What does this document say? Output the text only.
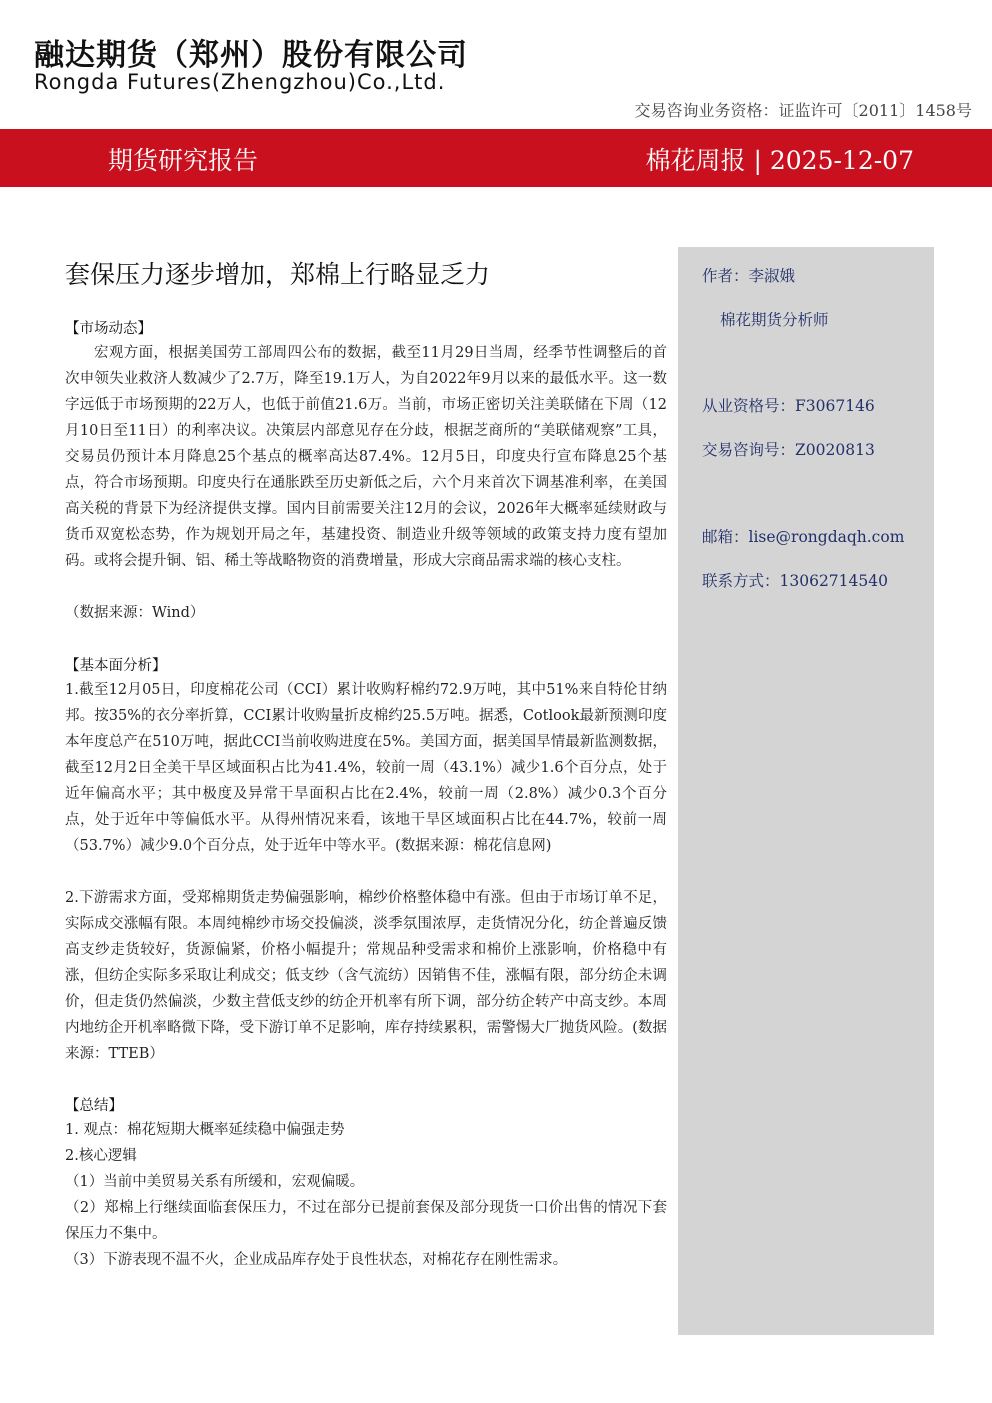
融达期货（郑州）股份有限公司
Rongda Futures(Zhengzhou)Co.,Ltd.
交易咨询业务资格：证监许可〔2011〕1458号
期货研究报告	棉花周报 | 2025-12-07
套保压力逐步增加，郑棉上行略显乏力	作者：李淑娥
棉花期货分析师
从业资格号：F3067146
交易咨询号：Z0020813
邮箱：lise@rongdaqh.com
联系方式：13062714540
【市场动态】
宏观方面，根据美国劳工部周四公布的数据，截至11月29日当周，经季节性调整后的首次申领失业救济人数减少了2.7万，降至19.1万人，为自2022年9月以来的最低水平。这一数字远低于市场预期的22万人，也低于前值21.6万。当前，市场正密切关注美联储在下周（12月10日至11日）的利率决议。决策层内部意见存在分歧，根据芝商所的“美联储观察”工具，交易员仍预计本月降息25个基点的概率高达87.4%。12月5日，印度央行宣布降息25个基点，符合市场预期。印度央行在通胀跌至历史新低之后，六个月来首次下调基准利率，在美国高关税的背景下为经济提供支撑。国内目前需要关注12月的会议，2026年大概率延续财政与货币双宽松态势，作为规划开局之年，基建投资、制造业升级等领域的政策支持力度有望加码。或将会提升铜、铝、稀土等战略物资的消费增量，形成大宗商品需求端的核心支柱。
（数据来源：Wind）
【基本面分析】
1.截至12月05日，印度棉花公司（CCI）累计收购籽棉约72.9万吨，其中51%来自特伦甘纳邦。按35%的衣分率折算，CCI累计收购量折皮棉约25.5万吨。据悉，Cotlook最新预测印度本年度总产在510万吨，据此CCI当前收购进度在5%。美国方面，据美国旱情最新监测数据，截至12月2日全美干旱区域面积占比为41.4%，较前一周（43.1%）减少1.6个百分点，处于近年偏高水平；其中极度及异常干旱面积占比在2.4%，较前一周（2.8%）减少0.3个百分点，处于近年中等偏低水平。从得州情况来看，该地干旱区域面积占比在44.7%，较前一周（53.7%）减少9.0个百分点，处于近年中等水平。(数据来源：棉花信息网)
2.下游需求方面，受郑棉期货走势偏强影响，棉纱价格整体稳中有涨。但由于市场订单不足，实际成交涨幅有限。本周纯棉纱市场交投偏淡，淡季氛围浓厚，走货情况分化，纺企普遍反馈高支纱走货较好，货源偏紧，价格小幅提升；常规品种受需求和棉价上涨影响，价格稳中有涨，但纺企实际多采取让利成交；低支纱（含气流纺）因销售不佳，涨幅有限，部分纺企未调价，但走货仍然偏淡，少数主营低支纱的纺企开机率有所下调，部分纺企转产中高支纱。本周内地纺企开机率略微下降，受下游订单不足影响，库存持续累积，需警惕大厂抛货风险。(数据来源：TTEB）
【总结】
1. 观点：棉花短期大概率延续稳中偏强走势
2.核心逻辑
（1）当前中美贸易关系有所缓和，宏观偏暖。
（2）郑棉上行继续面临套保压力，不过在部分已提前套保及部分现货一口价出售的情况下套保压力不集中。
（3）下游表现不温不火，企业成品库存处于良性状态，对棉花存在刚性需求。
